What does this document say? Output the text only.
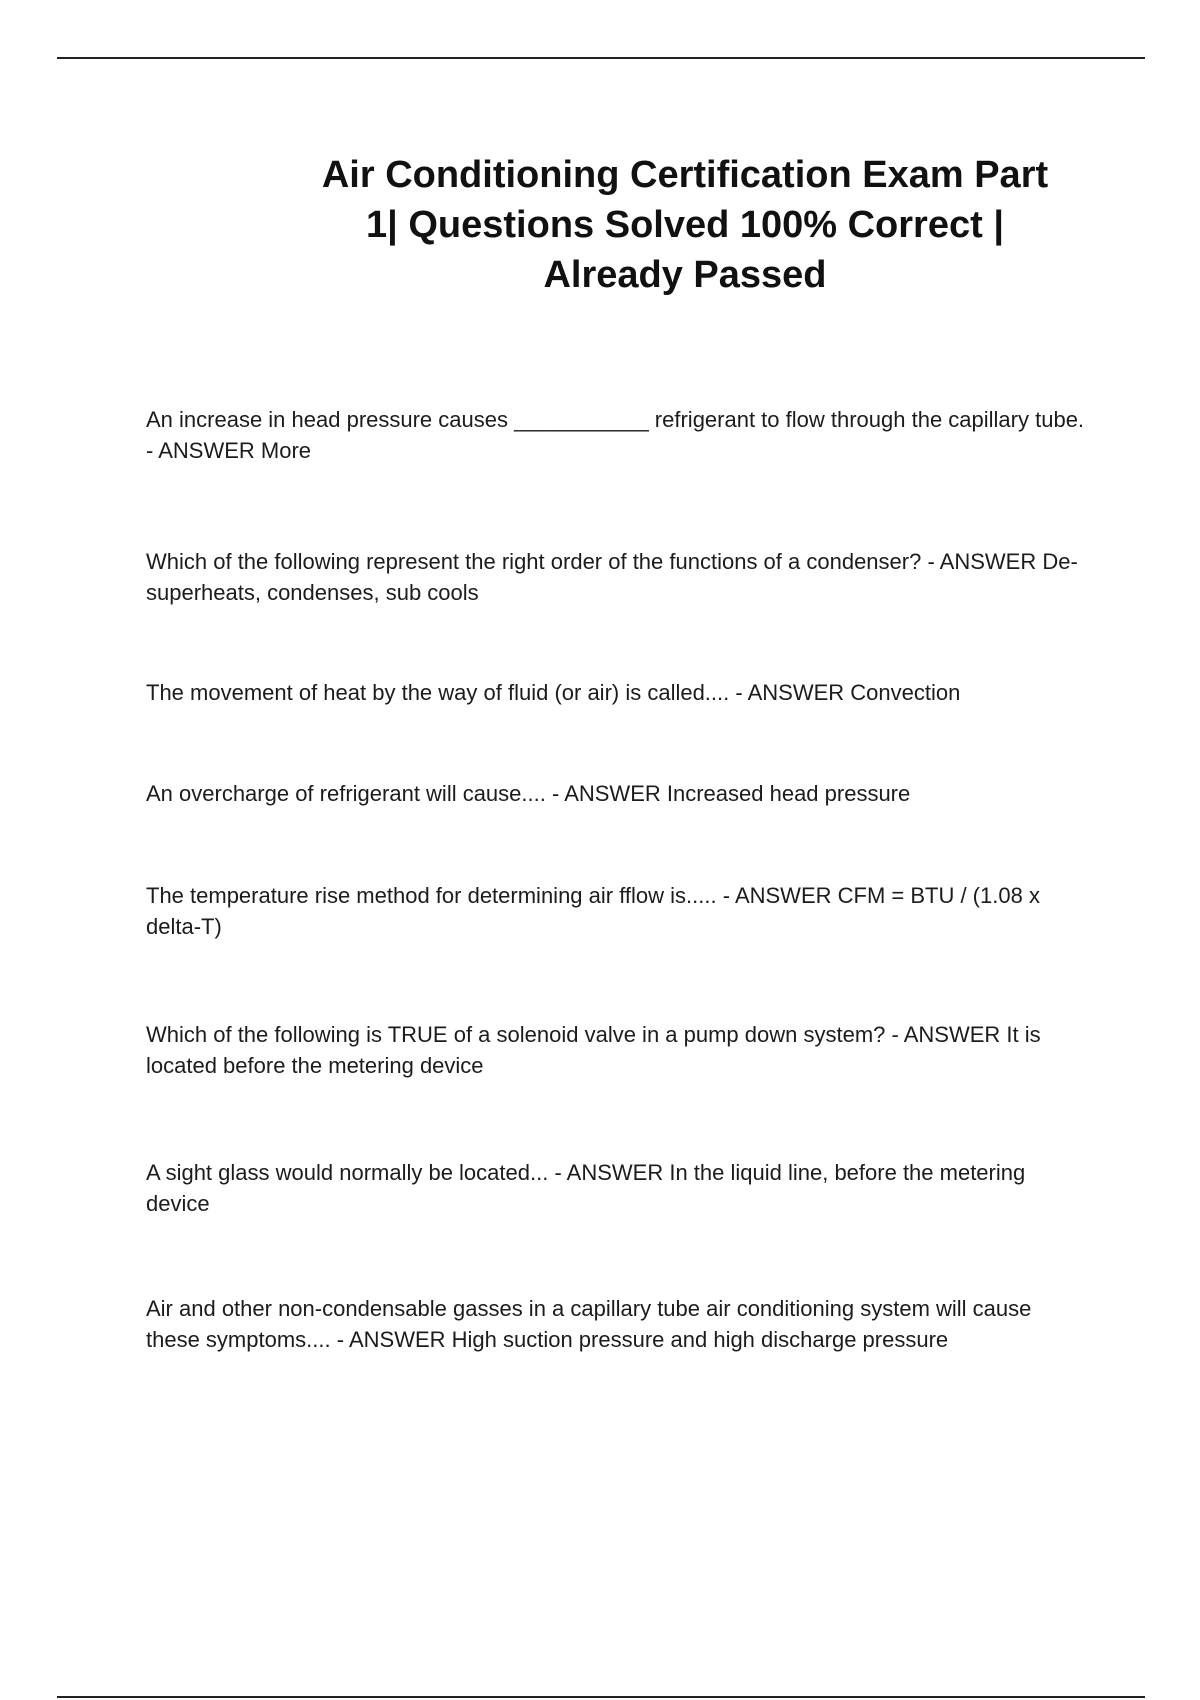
Air Conditioning Certification Exam Part
1| Questions Solved 100% Correct |
Already Passed

An increase in head pressure causes ___________ refrigerant to flow through the capillary tube. - ANSWER More

Which of the following represent the right order of the functions of a condenser? - ANSWER De-superheats, condenses, sub cools

The movement of heat by the way of fluid (or air) is called.... - ANSWER Convection

An overcharge of refrigerant will cause.... - ANSWER Increased head pressure

The temperature rise method for determining air fflow is..... - ANSWER CFM = BTU / (1.08 x delta-T)

Which of the following is TRUE of a solenoid valve in a pump down system? - ANSWER It is located before the metering device

A sight glass would normally be located... - ANSWER In the liquid line, before the metering device

Air and other non-condensable gasses in a capillary tube air conditioning system will cause these symptoms.... - ANSWER High suction pressure and high discharge pressure
